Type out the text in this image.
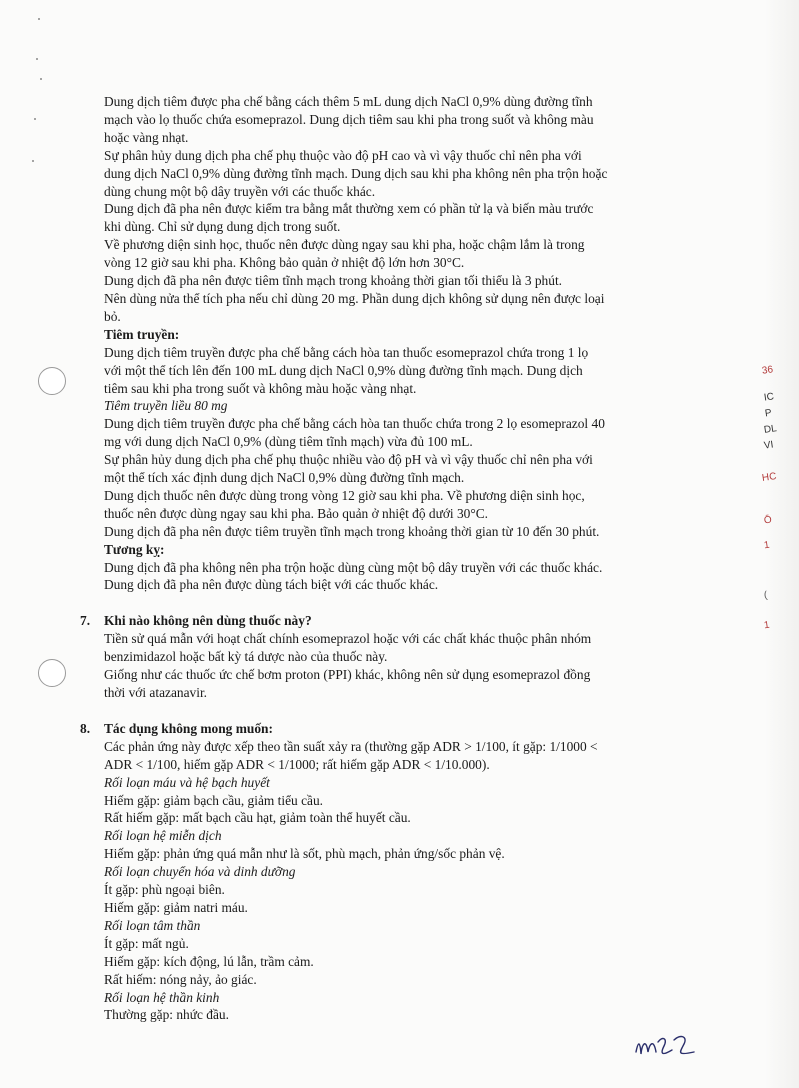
36
IC
P
DL
VI
HC
Ō
1
(
1

Dung dịch tiêm được pha chế bằng cách thêm 5 mL dung dịch NaCl 0,9% dùng đường tĩnh
mạch vào lọ thuốc chứa esomeprazol. Dung dịch tiêm sau khi pha trong suốt và không màu
hoặc vàng nhạt.

Sự phân hủy dung dịch pha chế phụ thuộc vào độ pH cao và vì vậy thuốc chỉ nên pha với
dung dịch NaCl 0,9% dùng đường tĩnh mạch. Dung dịch sau khi pha không nên pha trộn hoặc
dùng chung một bộ dây truyền với các thuốc khác.

Dung dịch đã pha nên được kiểm tra bằng mắt thường xem có phần tử lạ và biến màu trước
khi dùng. Chỉ sử dụng dung dịch trong suốt.

Về phương diện sinh học, thuốc nên được dùng ngay sau khi pha, hoặc chậm lắm là trong
vòng 12 giờ sau khi pha. Không bảo quản ở nhiệt độ lớn hơn 30°C.

Dung dịch đã pha nên được tiêm tĩnh mạch trong khoảng thời gian tối thiểu là 3 phút.

Nên dùng nửa thể tích pha nếu chỉ dùng 20 mg. Phần dung dịch không sử dụng nên được loại
bỏ.

Tiêm truyền:

Dung dịch tiêm truyền được pha chế bằng cách hòa tan thuốc esomeprazol chứa trong 1 lọ
với một thể tích lên đến 100 mL dung dịch NaCl 0,9% dùng đường tĩnh mạch. Dung dịch
tiêm sau khi pha trong suốt và không màu hoặc vàng nhạt.

Tiêm truyền liều 80 mg

Dung dịch tiêm truyền được pha chế bằng cách hòa tan thuốc chứa trong 2 lọ esomeprazol 40
mg với dung dịch NaCl 0,9% (dùng tiêm tĩnh mạch) vừa đủ 100 mL.

Sự phân hủy dung dịch pha chế phụ thuộc nhiều vào độ pH và vì vậy thuốc chỉ nên pha với
một thể tích xác định dung dịch NaCl 0,9% dùng đường tĩnh mạch.

Dung dịch thuốc nên được dùng trong vòng 12 giờ sau khi pha. Về phương diện sinh học,
thuốc nên được dùng ngay sau khi pha. Bảo quản ở nhiệt độ dưới 30°C.

Dung dịch đã pha nên được tiêm truyền tĩnh mạch trong khoảng thời gian từ 10 đến 30 phút.

Tương kỵ:

Dung dịch đã pha không nên pha trộn hoặc dùng cùng một bộ dây truyền với các thuốc khác.
Dung dịch đã pha nên được dùng tách biệt với các thuốc khác.

7. Khi nào không nên dùng thuốc này?

Tiền sử quá mẫn với hoạt chất chính esomeprazol hoặc với các chất khác thuộc phân nhóm
benzimidazol hoặc bất kỳ tá dược nào của thuốc này.

Giống như các thuốc ức chế bơm proton (PPI) khác, không nên sử dụng esomeprazol đồng
thời với atazanavir.

8. Tác dụng không mong muốn:

Các phản ứng này được xếp theo tần suất xảy ra (thường gặp ADR > 1/100, ít gặp: 1/1000 <
ADR < 1/100, hiếm gặp ADR < 1/1000; rất hiếm gặp ADR < 1/10.000).

Rối loạn máu và hệ bạch huyết

Hiếm gặp: giảm bạch cầu, giảm tiểu cầu.

Rất hiếm gặp: mất bạch cầu hạt, giảm toàn thể huyết cầu.

Rối loạn hệ miễn dịch

Hiếm gặp: phản ứng quá mẫn như là sốt, phù mạch, phản ứng/sốc phản vệ.

Rối loạn chuyển hóa và dinh dưỡng

Ít gặp: phù ngoại biên.

Hiếm gặp: giảm natri máu.

Rối loạn tâm thần

Ít gặp: mất ngủ.

Hiếm gặp: kích động, lú lẫn, trầm cảm.

Rất hiếm: nóng nảy, ảo giác.

Rối loạn hệ thần kinh

Thường gặp: nhức đầu.
